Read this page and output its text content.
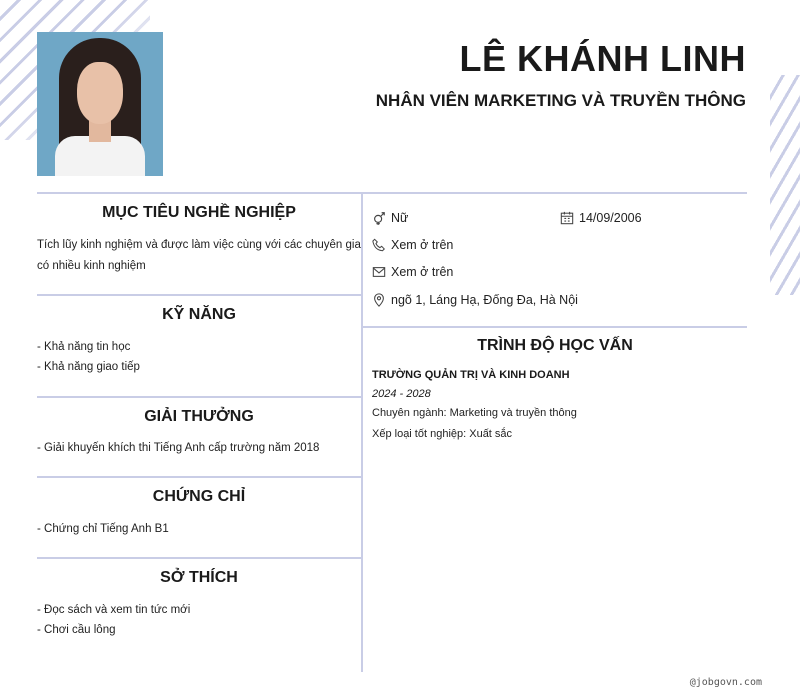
LÊ KHÁNH LINH
NHÂN VIÊN MARKETING VÀ TRUYỀN THÔNG
MỤC TIÊU NGHỀ NGHIỆP

Tích lũy kinh nghiệm và được làm việc cùng với các chuyên gia

có nhiều kinh nghiệm

KỸ NĂNG
- Khả năng tin học
- Khả năng giao tiếp
GIẢI THƯỞNG
- Giải khuyến khích thi Tiếng Anh cấp trường năm 2018
CHỨNG CHỈ
- Chứng chỉ Tiếng Anh B1
SỞ THÍCH
- Đọc sách và xem tin tức mới
- Chơi cầu lông
Nữ	14/09/2006
Xem ở trên
Xem ở trên
ngõ 1, Láng Hạ, Đống Đa, Hà Nội
TRÌNH ĐỘ HỌC VẤN

TRƯỜNG QUẢN TRỊ VÀ KINH DOANH

2024 - 2028

Chuyên ngành: Marketing và truyền thông

Xếp loại tốt nghiệp: Xuất sắc

@jobgovn.com
